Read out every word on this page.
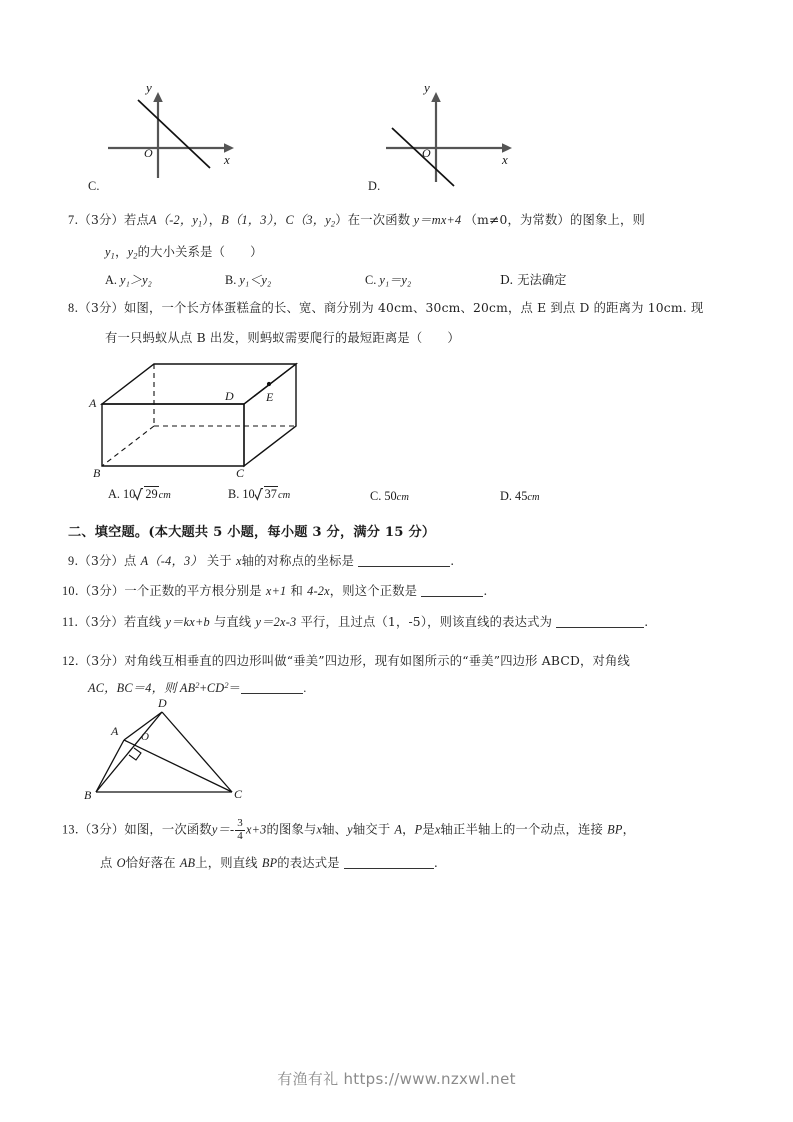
y
x
O
C.
y
x
O
D.
7.（3分）若点A（-2，$y_1$），B（1，3），C（3，$y_2$）在一次函数 y＝mx+4 （m≠0，为常数）的图象上，则
$y_1$，$y_2$的大小关系是（　　）
A. y₁＞y₂	B. y₁＜y₂	C. y₁＝y₂	D. 无法确定
8.（3分）如图，一个长方体蛋糕盒的长、宽、商分别为 40cm、30cm、20cm，点 E 到点 D 的距离为 10cm. 现
有一只蚂蚁从点 B 出发，则蚂蚁需要爬行的最短距离是（　　）
A
B	C
D	E
A. 10 29cm	B. 10 37cm	C. 50cm	D. 45cm
二、填空题。(本大题共 5 小题，每小题 3 分，满分 15 分）
9.（3分）点 A（-4，3） 关于 x轴的对称点的坐标是	.
10.（3分）一个正数的平方根分别是 x+1 和 4-2x，则这个正数是	.
11.（3分）若直线 y＝kx+b 与直线 y＝2x-3 平行，且过点（1，-5），则该直线的表达式为	.
12.（3分）对角线互相垂直的四边形叫做“垂美”四边形，现有如图所示的“垂美”四边形 ABCD，对角线
AC，BC＝4，则 $AB^2+CD^2=$	.
D
A O
B	C
13.（3分）如图，一次函数$y=- \frac{3}{4} x+3$的图象与x轴、y轴交于 A，P是x轴正半轴上的一个动点，连接 BP，
点 O恰好落在 AB上，则直线 BP的表达式是	.
有渔有礼 https://www.nzxwl.net
